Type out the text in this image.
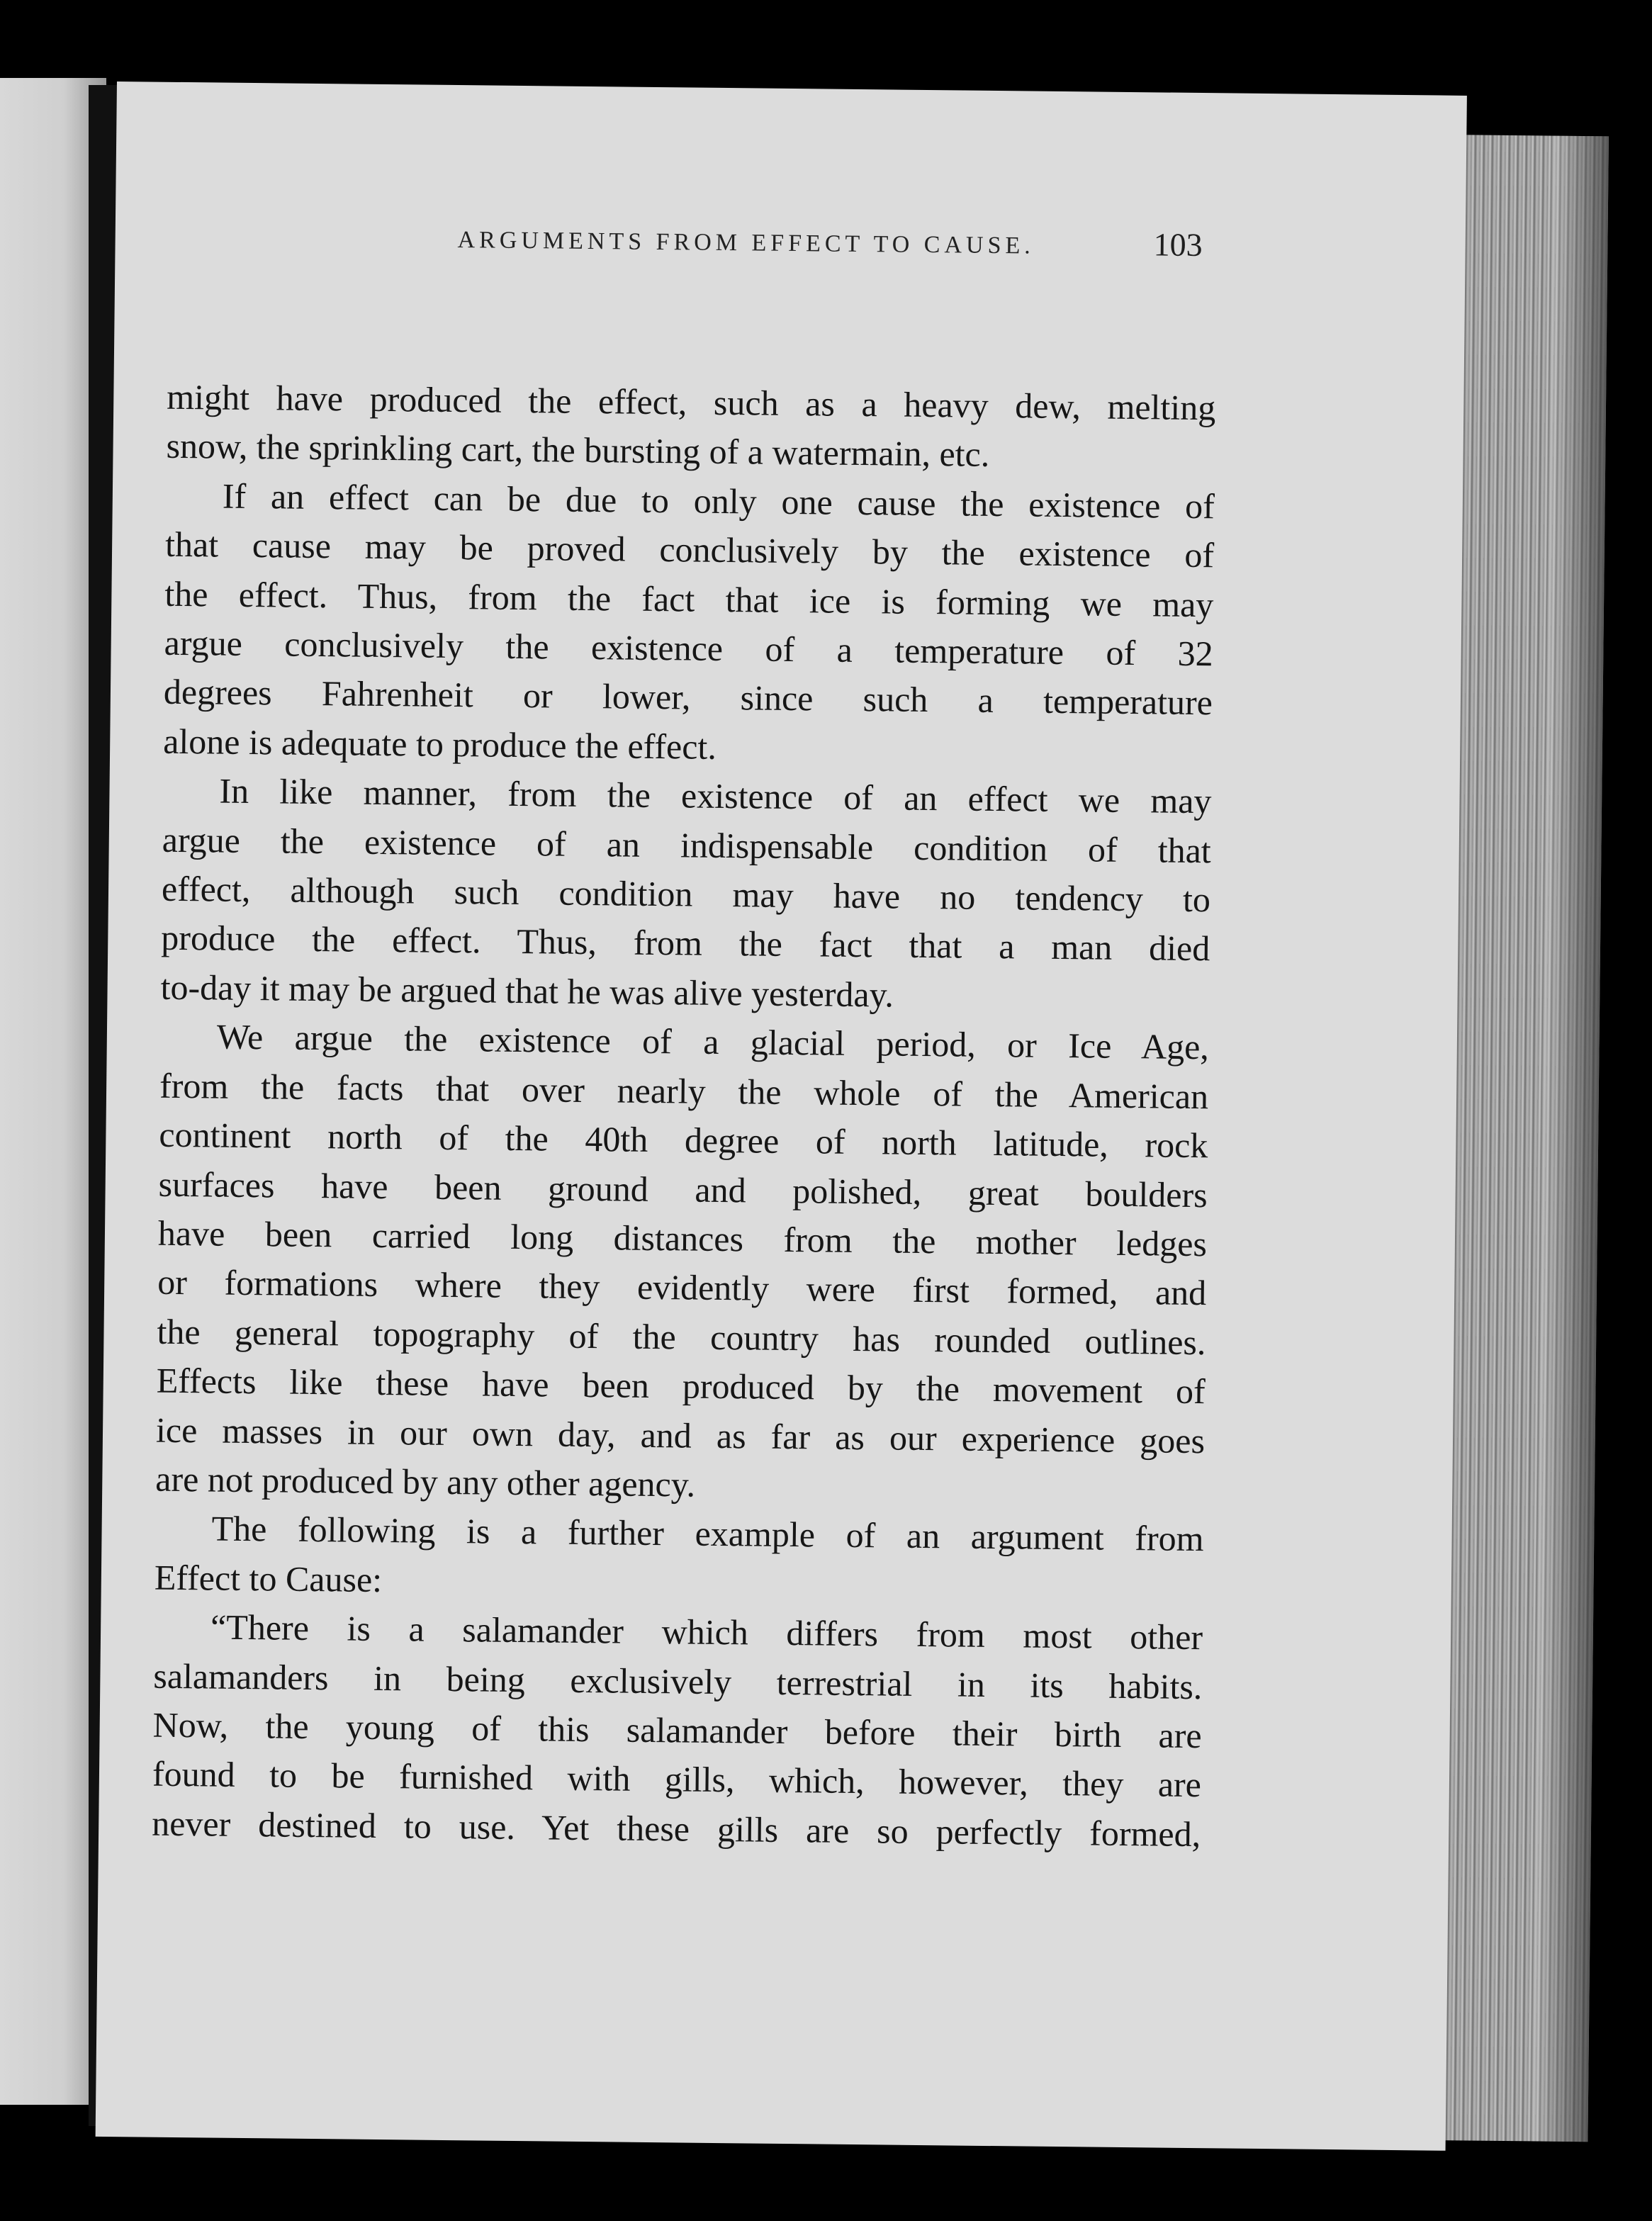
ARGUMENTS FROM EFFECT TO CAUSE.	103
might have produced the effect, such as a heavy dew, melting
snow, the sprinkling cart, the bursting of a watermain, etc.
If an effect can be due to only one cause the existence of
that cause may be proved conclusively by the existence of
the effect. Thus, from the fact that ice is forming we may
argue conclusively the existence of a temperature of 32
degrees Fahrenheit or lower, since such a temperature
alone is adequate to produce the effect.
In like manner, from the existence of an effect we may
argue the existence of an indispensable condition of that
effect, although such condition may have no tendency to
produce the effect. Thus, from the fact that a man died
to-day it may be argued that he was alive yesterday.
We argue the existence of a glacial period, or Ice Age,
from the facts that over nearly the whole of the American
continent north of the 40th degree of north latitude, rock
surfaces have been ground and polished, great boulders
have been carried long distances from the mother ledges
or formations where they evidently were first formed, and
the general topography of the country has rounded outlines.
Effects like these have been produced by the movement of
ice masses in our own day, and as far as our experience goes
are not produced by any other agency.
The following is a further example of an argument from
Effect to Cause:
“There is a salamander which differs from most other
salamanders in being exclusively terrestrial in its habits.
Now, the young of this salamander before their birth are
found to be furnished with gills, which, however, they are
never destined to use. Yet these gills are so perfectly formed,
